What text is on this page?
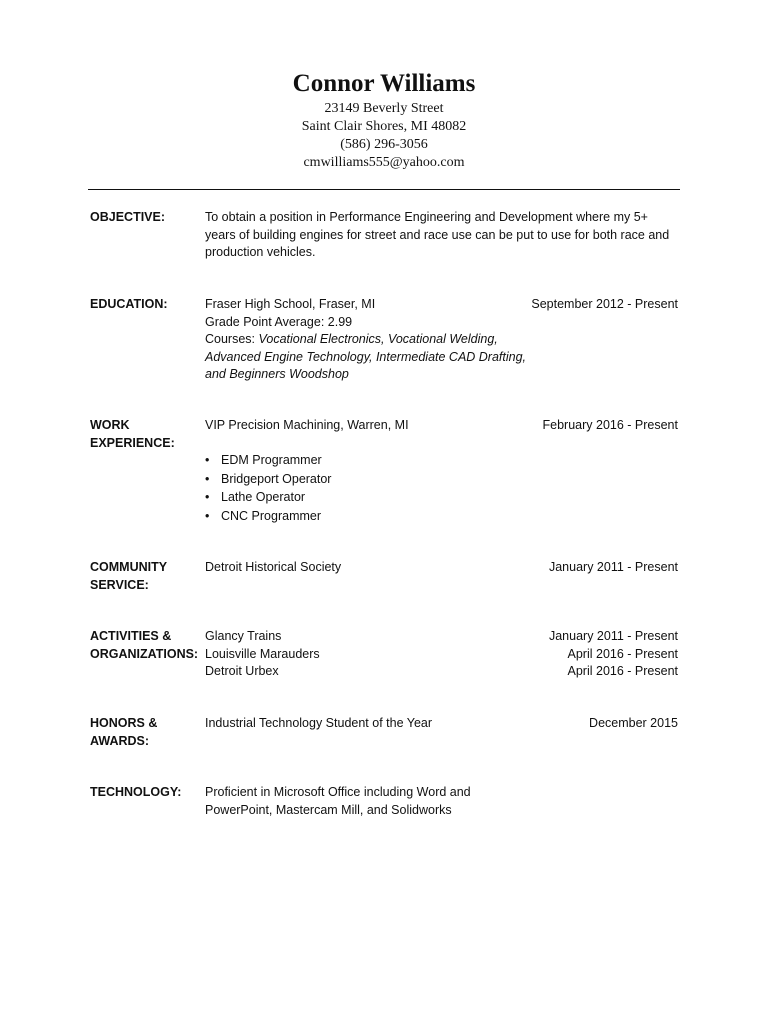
Connor Williams
23149 Beverly Street
Saint Clair Shores, MI 48082
(586) 296-3056
cmwilliams555@yahoo.com
OBJECTIVE:	To obtain a position in Performance Engineering and Development where my 5+
years of building engines for street and race use can be put to use for both race and
production vehicles.
EDUCATION:	Fraser High School, Fraser, MI	September 2012 - Present
Grade Point Average: 2.99
Courses: Vocational Electronics, Vocational Welding,
Advanced Engine Technology, Intermediate CAD Drafting,
and Beginners Woodshop
WORK
EXPERIENCE:
VIP Precision Machining, Warren, MI	February 2016 - Present
• EDM Programmer
• Bridgeport Operator
• Lathe Operator
• CNC Programmer
COMMUNITY
SERVICE:
Detroit Historical Society	January 2011 - Present
ACTIVITIES &
ORGANIZATIONS:
Glancy Trains	January 2011 - Present
Louisville Marauders	April 2016 - Present
Detroit Urbex	April 2016 - Present
HONORS &
AWARDS:
Industrial Technology Student of the Year	December 2015
TECHNOLOGY:	Proficient in Microsoft Office including Word and
PowerPoint, Mastercam Mill, and Solidworks
